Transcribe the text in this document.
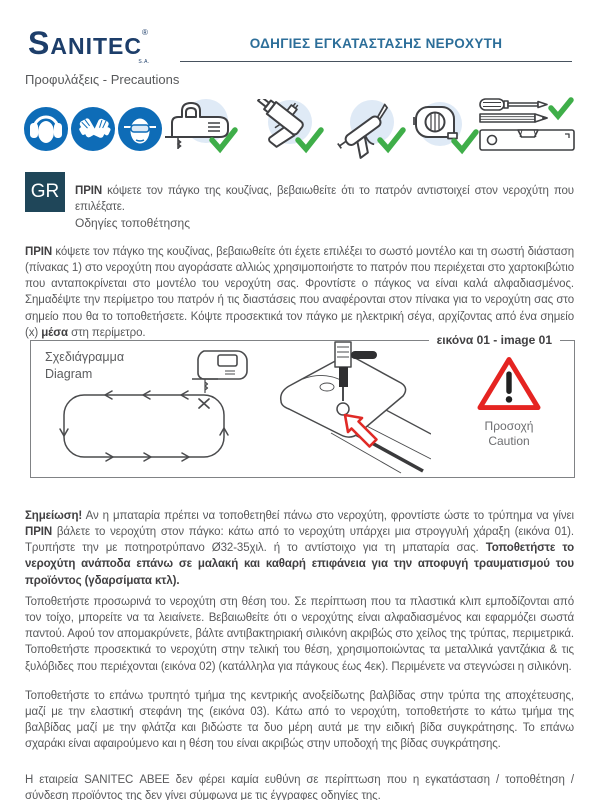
SANITEC®
S.A.
ΟΔΗΓΙΕΣ ΕΓΚΑΤΑΣΤΑΣΗΣ ΝΕΡΟΧΥΤΗ
Προφυλάξεις - Precautions
GR	ΠΡΙΝ κόψετε τον πάγκο της κουζίνας, βεβαιωθείτε ότι το πατρόν αντιστοιχεί στον νεροχύτη που επιλέξατε.

Οδηγίες τοποθέτησης

ΠΡΙΝ κόψετε τον πάγκο της κουζίνας, βεβαιωθείτε ότι έχετε επιλέξει το σωστό μοντέλο και τη σωστή διάσταση (πίνακας 1) στο νεροχύτη που αγοράσατε αλλιώς χρησιμοποιήστε το πατρόν που περιέχεται στο χαρτοκιβώτιο που ανταποκρίνεται στο μοντέλο του νεροχύτη σας. Φροντίστε ο πάγκος να είναι καλά αλφαδιασμένος. Σημαδέψτε την περίμετρο του πατρόν ή τις διαστάσεις που αναφέρονται στον πίνακα για το νεροχύτη σας στο σημείο που θα το τοποθετήσετε. Κόψτε προσεκτικά τον πάγκο με ηλεκτρική σέγα, αρχίζοντας από ένα σημείο (x) μέσα στη περίμετρο.

εικόνα 01 - image 01
Σχεδιάγραμμα
Diagram
Προσοχή
Caution

Σημείωση! Αν η μπαταρία πρέπει να τοποθετηθεί πάνω στο νεροχύτη, φροντίστε ώστε το τρύπημα να γίνει ΠΡΙΝ βάλετε το νεροχύτη στον πάγκο: κάτω από το νεροχύτη υπάρχει μια στρογγυλή χάραξη (εικόνα 01). Τρυπήστε την με ποτηροτρύπανο Ø32-35χιλ. ή το αντίστοιχο για τη μπαταρία σας. Τοποθετήστε το νεροχύτη ανάποδα επάνω σε μαλακή και καθαρή επιφάνεια για την αποφυγή τραυματισμού του προϊόντος (γδαρσίματα κτλ).

Τοποθετήστε προσωρινά το νεροχύτη στη θέση του. Σε περίπτωση που τα πλαστικά κλιπ εμποδίζονται από τον τοίχο, μπορείτε να τα λειαίνετε. Βεβαιωθείτε ότι ο νεροχύτης είναι αλφαδιασμένος και εφαρμόζει σωστά παντού. Αφού τον απομακρύνετε, βάλτε αντιβακτηριακή σιλικόνη ακριβώς στο χείλος της τρύπας, περιμετρικά. Τοποθετήστε προσεκτικά το νεροχύτη στην τελική του θέση, χρησιμοποιώντας τα μεταλλικά γαντζάκια & τις ξυλόβιδες που περιέχονται (εικόνα 02) (κατάλληλα για πάγκους έως 4εκ). Περιμένετε να στεγνώσει η σιλικόνη.

Τοποθετήστε το επάνω τρυπητό τμήμα της κεντρικής ανοξείδωτης βαλβίδας στην τρύπα της αποχέτευσης, μαζί με την ελαστική στεφάνη της (εικόνα 03). Κάτω από το νεροχύτη, τοποθετήστε το κάτω τμήμα της βαλβίδας μαζί με την φλάτζα και βιδώστε τα δυο μέρη αυτά με την ειδική βίδα συγκράτησης. Το επάνω σχαράκι είναι αφαιρούμενο και η θέση του είναι ακριβώς στην υποδοχή της βίδας συγκράτησης.

Η εταιρεία SANITEC ΑΒΕΕ δεν φέρει καμία ευθύνη σε περίπτωση που η εγκατάσταση / τοποθέτηση / σύνδεση προϊόντος της δεν γίνει σύμφωνα με τις έγγραφες οδηγίες της.
